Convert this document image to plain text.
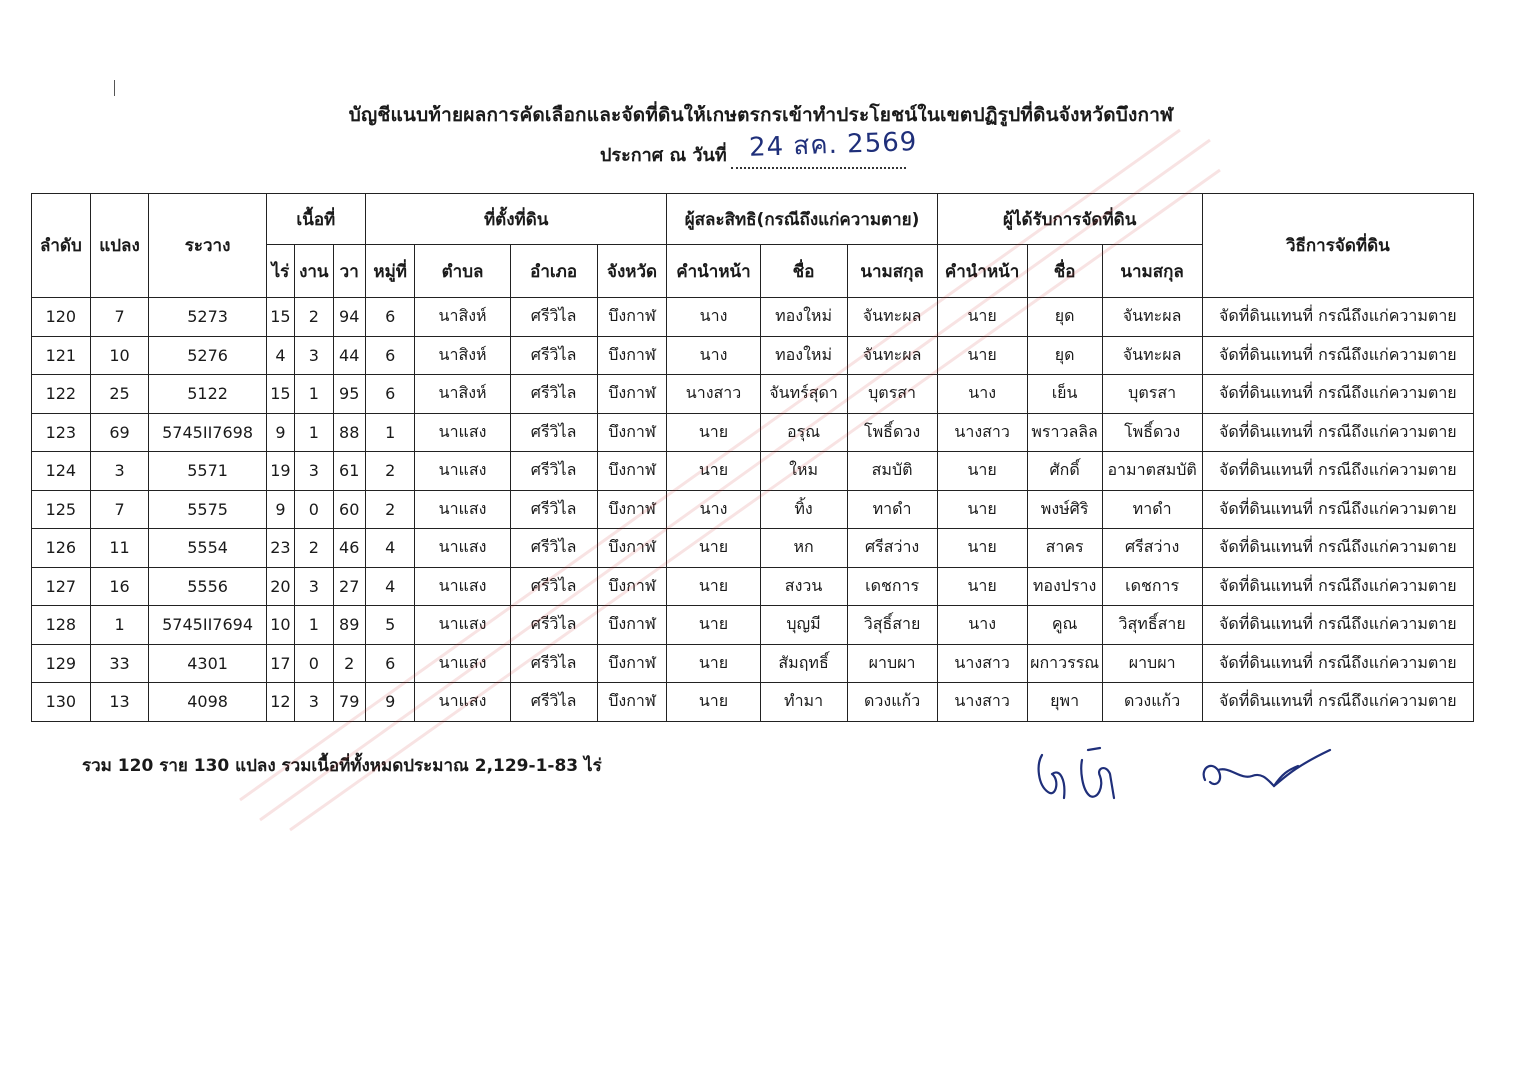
บัญชีแนบท้ายผลการคัดเลือกและจัดที่ดินให้เกษตรกรเข้าทำประโยชน์ในเขตปฏิรูปที่ดินจังหวัดบึงกาฬ
ประกาศ ณ วันที่ 24 สค. 2569
ลำดับ	แปลง	ระวาง	เนื้อที่			ที่ตั้งที่ดิน				ผู้สละสิทธิ(กรณีถึงแก่ความตาย)			ผู้ได้รับการจัดที่ดิน			วิธีการจัดที่ดิน
			ไร่	งาน	วา	หมู่ที่	ตำบล	อำเภอ	จังหวัด	คำนำหน้า	ชื่อ	นามสกุล	คำนำหน้า	ชื่อ	นามสกุล	
120	7	5273	15	2	94	6	นาสิงห์	ศรีวิไล	บึงกาฬ	นาง	ทองใหม่	จันทะผล	นาย	ยุด	จันทะผล	จัดที่ดินแทนที่ กรณีถึงแก่ความตาย
121	10	5276	4	3	44	6	นาสิงห์	ศรีวิไล	บึงกาฬ	นาง	ทองใหม่	จันทะผล	นาย	ยุด	จันทะผล	จัดที่ดินแทนที่ กรณีถึงแก่ความตาย
122	25	5122	15	1	95	6	นาสิงห์	ศรีวิไล	บึงกาฬ	นางสาว	จันทร์สุดา	บุตรสา	นาง	เย็น	บุตรสา	จัดที่ดินแทนที่ กรณีถึงแก่ความตาย
123	69	5745II7698	9	1	88	1	นาแสง	ศรีวิไล	บึงกาฬ	นาย	อรุณ	โพธิ์ดวง	นางสาว	พราวลลิล	โพธิ์ดวง	จัดที่ดินแทนที่ กรณีถึงแก่ความตาย
124	3	5571	19	3	61	2	นาแสง	ศรีวิไล	บึงกาฬ	นาย	ใหม	สมบัติ	นาย	ศักดิ์	อามาตสมบัติ	จัดที่ดินแทนที่ กรณีถึงแก่ความตาย
125	7	5575	9	0	60	2	นาแสง	ศรีวิไล	บึงกาฬ	นาง	ทิ้ง	ทาดำ	นาย	พงษ์ศิริ	ทาดำ	จัดที่ดินแทนที่ กรณีถึงแก่ความตาย
126	11	5554	23	2	46	4	นาแสง	ศรีวิไล	บึงกาฬ	นาย	หก	ศรีสว่าง	นาย	สาคร	ศรีสว่าง	จัดที่ดินแทนที่ กรณีถึงแก่ความตาย
127	16	5556	20	3	27	4	นาแสง	ศรีวิไล	บึงกาฬ	นาย	สงวน	เดชการ	นาย	ทองปราง	เดชการ	จัดที่ดินแทนที่ กรณีถึงแก่ความตาย
128	1	5745II7694	10	1	89	5	นาแสง	ศรีวิไล	บึงกาฬ	นาย	บุญมี	วิสุธิ์สาย	นาง	คูณ	วิสุทธิ์สาย	จัดที่ดินแทนที่ กรณีถึงแก่ความตาย
129	33	4301	17	0	2	6	นาแสง	ศรีวิไล	บึงกาฬ	นาย	สัมฤทธิ์	ผาบผา	นางสาว	ผกาวรรณ	ผาบผา	จัดที่ดินแทนที่ กรณีถึงแก่ความตาย
130	13	4098	12	3	79	9	นาแสง	ศรีวิไล	บึงกาฬ	นาย	ทำมา	ดวงแก้ว	นางสาว	ยุพา	ดวงแก้ว	จัดที่ดินแทนที่ กรณีถึงแก่ความตาย
รวม 120 ราย 130 แปลง รวมเนื้อที่ทั้งหมดประมาณ 2,129-1-83 ไร่
